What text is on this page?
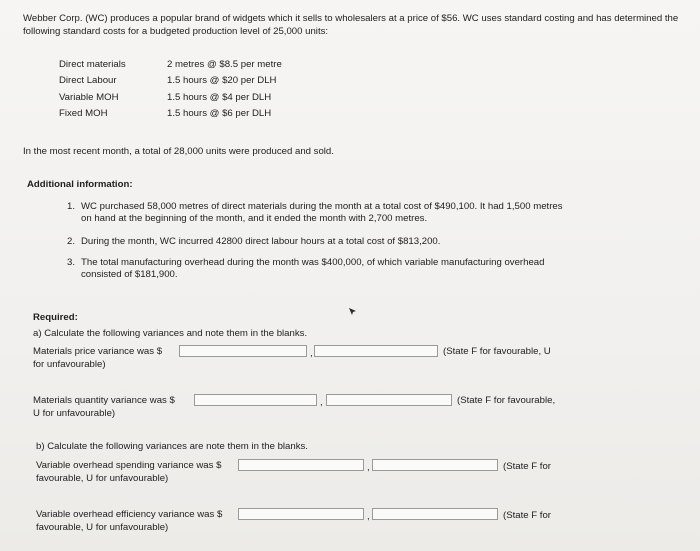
Webber Corp. (WC) produces a popular brand of widgets which it sells to wholesalers at a price of $56. WC uses standard costing and has determined the following standard costs for a budgeted production level of 25,000 units:
Direct materials	2 metres @ $8.5 per metre
Direct Labour	1.5 hours @ $20 per DLH
Variable MOH	1.5 hours @ $4 per DLH
Fixed MOH	1.5 hours @ $6 per DLH
In the most recent month, a total of 28,000 units were produced and sold.
Additional information:
1. WC purchased 58,000 metres of direct materials during the month at a total cost of $490,100. It had 1,500 metres on hand at the beginning of the month, and it ended the month with 2,700 metres.
2. During the month, WC incurred 42800 direct labour hours at a total cost of $813,200.
3. The total manufacturing overhead during the month was $400,000, of which variable manufacturing overhead consisted of $181,900.
Required:
a) Calculate the following variances and note them in the blanks.
Materials price variance was $	,	(State F for favourable, U
for unfavourable)
Materials quantity variance was $	,	(State F for favourable,
U for unfavourable)
b) Calculate the following variances are note them in the blanks.
Variable overhead spending variance was $	,	(State F for
favourable, U for unfavourable)
Variable overhead efficiency variance was $	,	(State F for
favourable, U for unfavourable)
